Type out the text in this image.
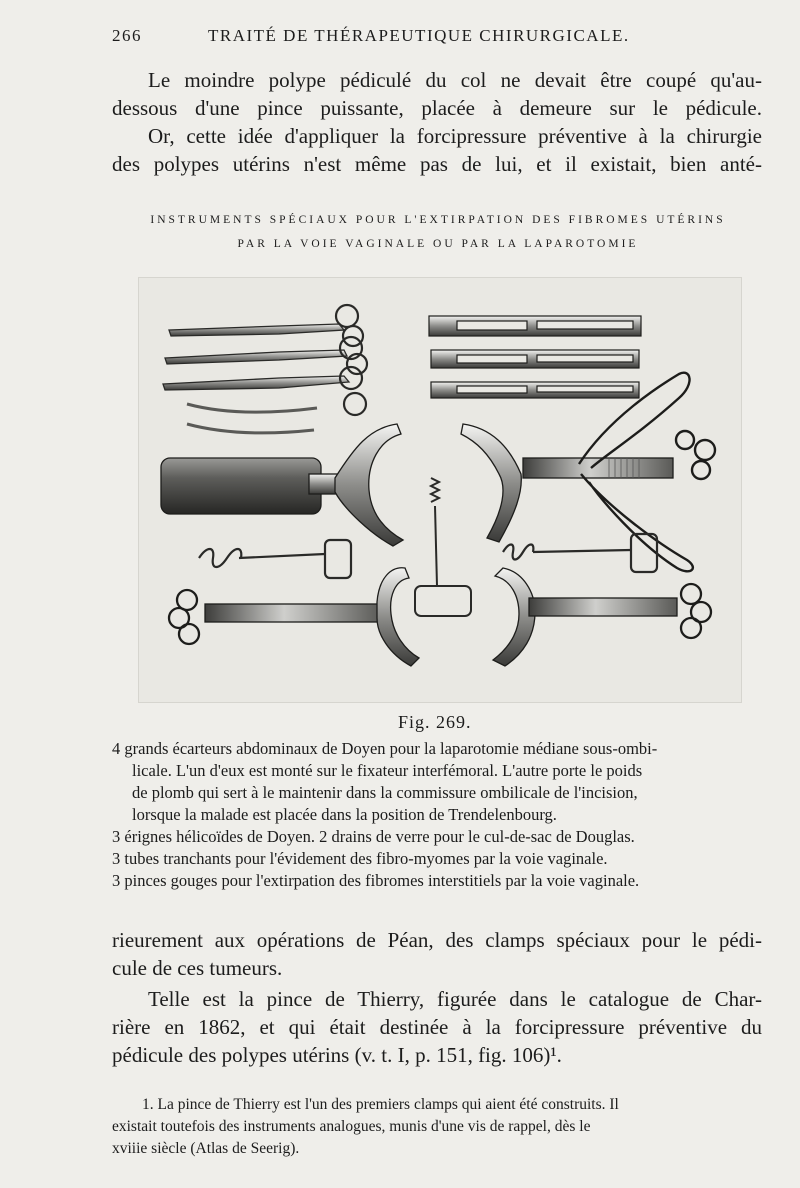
266	TRAITÉ DE THÉRAPEUTIQUE CHIRURGICALE.
Le moindre polype pédiculé du col ne devait être coupé qu'au-
dessous d'une pince puissante, placée à demeure sur le pédicule.
Or, cette idée d'appliquer la forcipressure préventive à la chirurgie
des polypes utérins n'est même pas de lui, et il existait, bien anté-
INSTRUMENTS SPÉCIAUX POUR L'EXTIRPATION DES FIBROMES UTÉRINS
PAR LA VOIE VAGINALE OU PAR LA LAPAROTOMIE
Fig. 269.
4 grands écarteurs abdominaux de Doyen pour la laparotomie médiane sous-ombi-
licale. L'un d'eux est monté sur le fixateur interfémoral. L'autre porte le poids
de plomb qui sert à le maintenir dans la commissure ombilicale de l'incision,
lorsque la malade est placée dans la position de Trendelenbourg.
3 érignes hélicoïdes de Doyen. 2 drains de verre pour le cul-de-sac de Douglas.
3 tubes tranchants pour l'évidement des fibro-myomes par la voie vaginale.
3 pinces gouges pour l'extirpation des fibromes interstitiels par la voie vaginale.
rieurement aux opérations de Péan, des clamps spéciaux pour le pédi-
cule de ces tumeurs.
Telle est la pince de Thierry, figurée dans le catalogue de Char-
rière en 1862, et qui était destinée à la forcipressure préventive du
pédicule des polypes utérins (v. t. I, p. 151, fig. 106)¹.
1. La pince de Thierry est l'un des premiers clamps qui aient été construits. Il
existait toutefois des instruments analogues, munis d'une vis de rappel, dès le
xviiie siècle (Atlas de Seerig).
